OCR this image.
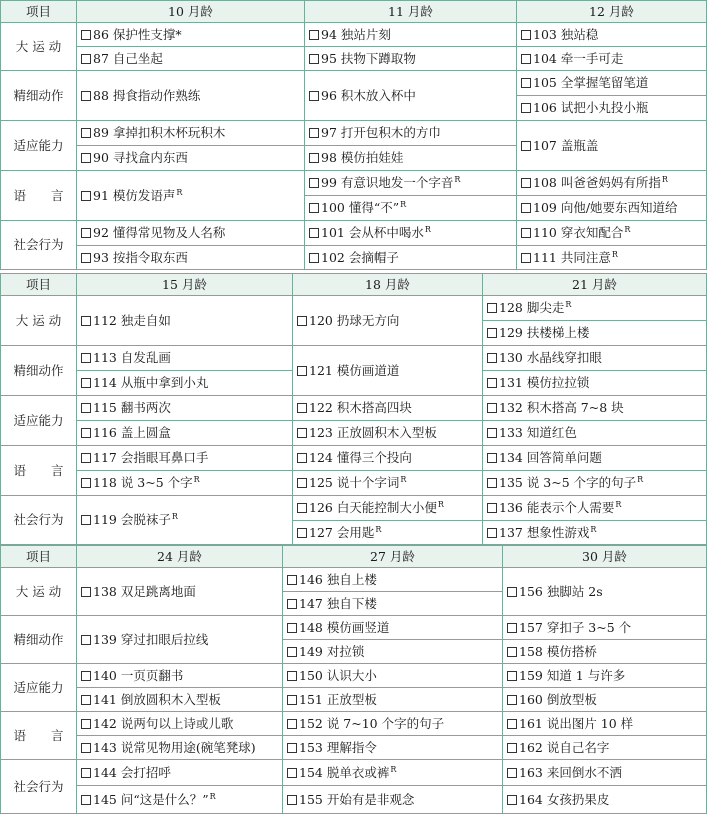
项目	10 月龄	11 月龄	12 月龄
大 运 动	86 保护性支撑*	94 独站片刻	103 独站稳
	87 自己坐起	95 扶物下蹲取物	104 牵一手可走
精细动作	88 拇食指动作熟练	96 积木放入杯中	105 全掌握笔留笔道
			106 试把小丸投小瓶
适应能力	89 拿掉扣积木杯玩积木	97 打开包积木的方巾	107 盖瓶盖
	90 寻找盒内东西	98 模仿拍娃娃	
语　　言	91 模仿发语声$^R$	99 有意识地发一个字音$^R$	108 叫爸爸妈妈有所指$^R$
		100 懂得“不”$^R$	109 向他/她要东西知道给
社会行为	92 懂得常见物及人名称	101 会从杯中喝水$^R$	110 穿衣知配合$^R$
	93 按指令取东西	102 会摘帽子	111 共同注意$^R$
项目	15 月龄	18 月龄	21 月龄
大 运 动	112 独走自如	120 扔球无方向	128 脚尖走$^R$
			129 扶楼梯上楼
精细动作	113 自发乱画	121 模仿画道道	130 水晶线穿扣眼
	114 从瓶中拿到小丸		131 模仿拉拉锁
适应能力	115 翻书两次	122 积木搭高四块	132 积木搭高 7~8 块
	116 盖上圆盒	123 正放圆积木入型板	133 知道红色
语　　言	117 会指眼耳鼻口手	124 懂得三个投向	134 回答简单问题
	118 说 3~5 个字$^R$	125 说十个字词$^R$	135 说 3~5 个字的句子$^R$
社会行为	119 会脱袜子$^R$	126 白天能控制大小便$^R$	136 能表示个人需要$^R$
		127 会用匙$^R$	137 想象性游戏$^R$
项目	24 月龄	27 月龄	30 月龄
大 运 动	138 双足跳离地面	146 独自上楼	156 独脚站 2s
		147 独自下楼	
精细动作	139 穿过扣眼后拉线	148 模仿画竖道	157 穿扣子 3~5 个
		149 对拉锁	158 模仿搭桥
适应能力	140 一页页翻书	150 认识大小	159 知道 1 与许多
	141 倒放圆积木入型板	151 正放型板	160 倒放型板
语　　言	142 说两句以上诗或儿歌	152 说 7~10 个字的句子	161 说出图片 10 样
	143 说常见物用途(碗笔凳球)	153 理解指令	162 说自己名字
社会行为	144 会打招呼	154 脱单衣或裤$^R$	163 来回倒水不洒
	145 问“这是什么？”$^R$	155 开始有是非观念	164 女孩扔果皮
